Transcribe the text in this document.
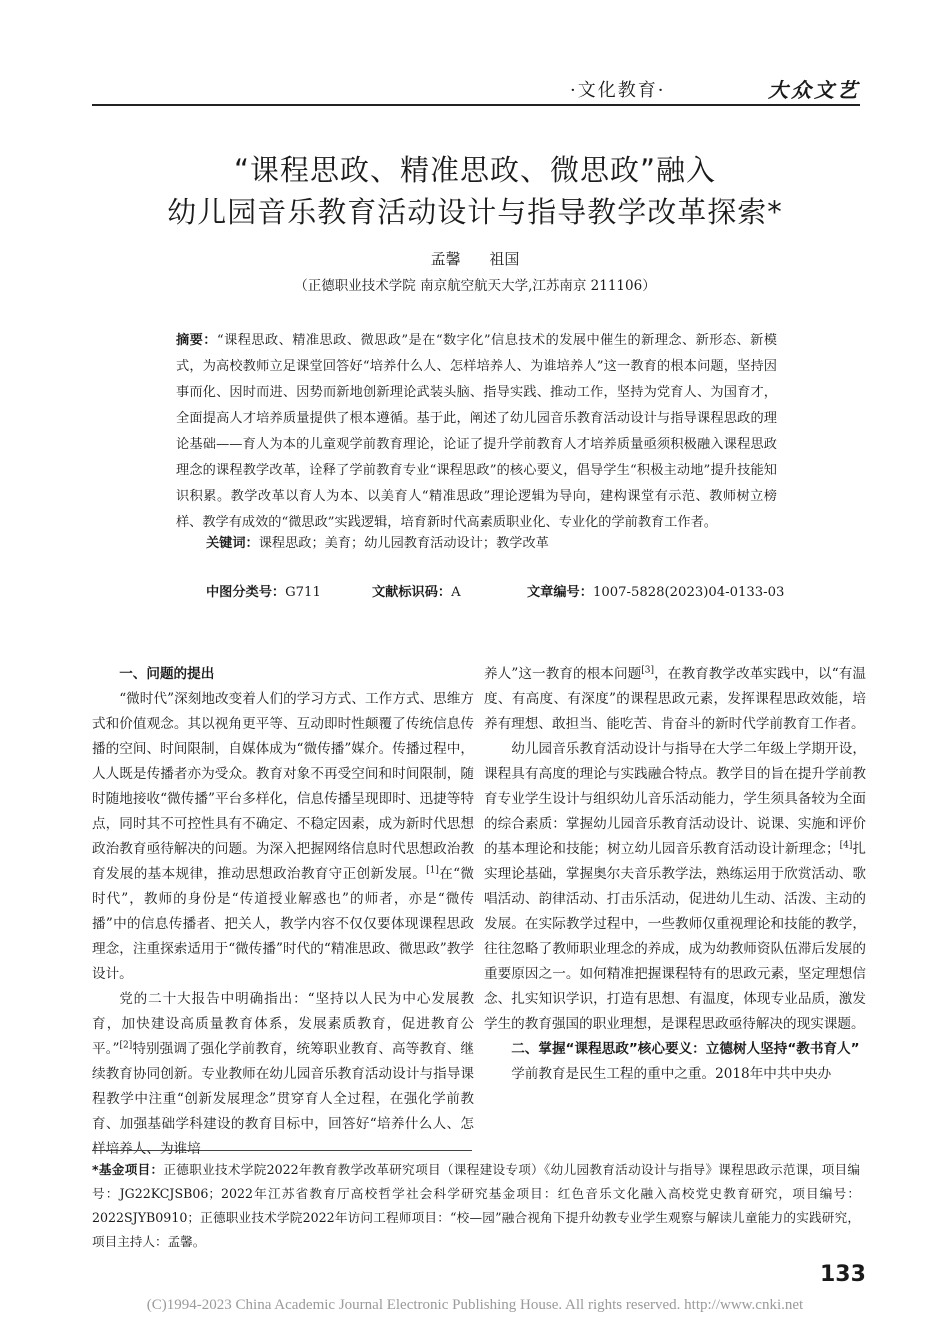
·文化教育·	大众文艺
“课程思政、精准思政、微思政”融入
幼儿园音乐教育活动设计与指导教学改革探索*
孟馨 祖国
（正德职业技术学院 南京航空航天大学,江苏南京 211106）
摘要：“课程思政、精准思政、微思政”是在“数字化”信息技术的发展中催生的新理念、新形态、新模式，为高校教师立足课堂回答好“培养什么人、怎样培养人、为谁培养人”这一教育的根本问题，坚持因事而化、因时而进、因势而新地创新理论武装头脑、指导实践、推动工作，坚持为党育人、为国育才，全面提高人才培养质量提供了根本遵循。基于此，阐述了幼儿园音乐教育活动设计与指导课程思政的理论基础——育人为本的儿童观学前教育理论，论证了提升学前教育人才培养质量亟须积极融入课程思政理念的课程教学改革，诠释了学前教育专业“课程思政”的核心要义，倡导学生“积极主动地”提升技能知识积累。教学改革以育人为本、以美育人“精准思政”理论逻辑为导向，建构课堂有示范、教师树立榜样、教学有成效的“微思政”实践逻辑，培育新时代高素质职业化、专业化的学前教育工作者。
关键词：课程思政；美育；幼儿园教育活动设计；教学改革
中图分类号：G711	文献标识码：A	文章编号：1007-5828(2023)04-0133-03
一、问题的提出

“微时代”深刻地改变着人们的学习方式、工作方式、思维方式和价值观念。其以视角更平等、互动即时性颠覆了传统信息传播的空间、时间限制，自媒体成为“微传播”媒介。传播过程中，人人既是传播者亦为受众。教育对象不再受空间和时间限制，随时随地接收“微传播”平台多样化，信息传播呈现即时、迅捷等特点，同时其不可控性具有不确定、不稳定因素，成为新时代思想政治教育亟待解决的问题。为深入把握网络信息时代思想政治教育发展的基本规律，推动思想政治教育守正创新发展。[1]在“微时代”，教师的身份是“传道授业解惑也”的师者，亦是“微传播”中的信息传播者、把关人，教学内容不仅仅要体现课程思政理念，注重探索适用于“微传播”时代的“精准思政、微思政”教学设计。

党的二十大报告中明确指出：“坚持以人民为中心发展教育，加快建设高质量教育体系，发展素质教育，促进教育公平。”[2]特别强调了强化学前教育，统筹职业教育、高等教育、继续教育协同创新。专业教师在幼儿园音乐教育活动设计与指导课程教学中注重“创新发展理念”贯穿育人全过程，在强化学前教育、加强基础学科建设的教育目标中，回答好“培养什么人、怎样培养人、为谁培

养人”这一教育的根本问题[3]，在教育教学改革实践中，以“有温度、有高度、有深度”的课程思政元素，发挥课程思政效能，培养有理想、敢担当、能吃苦、肯奋斗的新时代学前教育工作者。

幼儿园音乐教育活动设计与指导在大学二年级上学期开设，课程具有高度的理论与实践融合特点。教学目的旨在提升学前教育专业学生设计与组织幼儿音乐活动能力，学生须具备较为全面的综合素质：掌握幼儿园音乐教育活动设计、说课、实施和评价的基本理论和技能；树立幼儿园音乐教育活动设计新理念；[4]扎实理论基础，掌握奥尔夫音乐教学法，熟练运用于欣赏活动、歌唱活动、韵律活动、打击乐活动，促进幼儿生动、活泼、主动的发展。在实际教学过程中，一些教师仅重视理论和技能的教学，往往忽略了教师职业理念的养成，成为幼教师资队伍滞后发展的重要原因之一。如何精准把握课程特有的思政元素，坚定理想信念、扎实知识学识，打造有思想、有温度，体现专业品质，激发学生的教育强国的职业理想，是课程思政亟待解决的现实课题。

二、掌握“课程思政”核心要义：立德树人坚持“教书育人”

学前教育是民生工程的重中之重。2018年中共中央办

*基金项目：正德职业技术学院2022年教育教学改革研究项目（课程建设专项）《幼儿园教育活动设计与指导》课程思政示范课，项目编号：JG22KCJSB06；2022年江苏省教育厅高校哲学社会科学研究基金项目：红色音乐文化融入高校党史教育研究，项目编号：2022SJYB0910；正德职业技术学院2022年访问工程师项目：“校—园”融合视角下提升幼教专业学生观察与解读儿童能力的实践研究，项目主持人：孟馨。
133
(C)1994-2023 China Academic Journal Electronic Publishing House. All rights reserved. http://www.cnki.net
